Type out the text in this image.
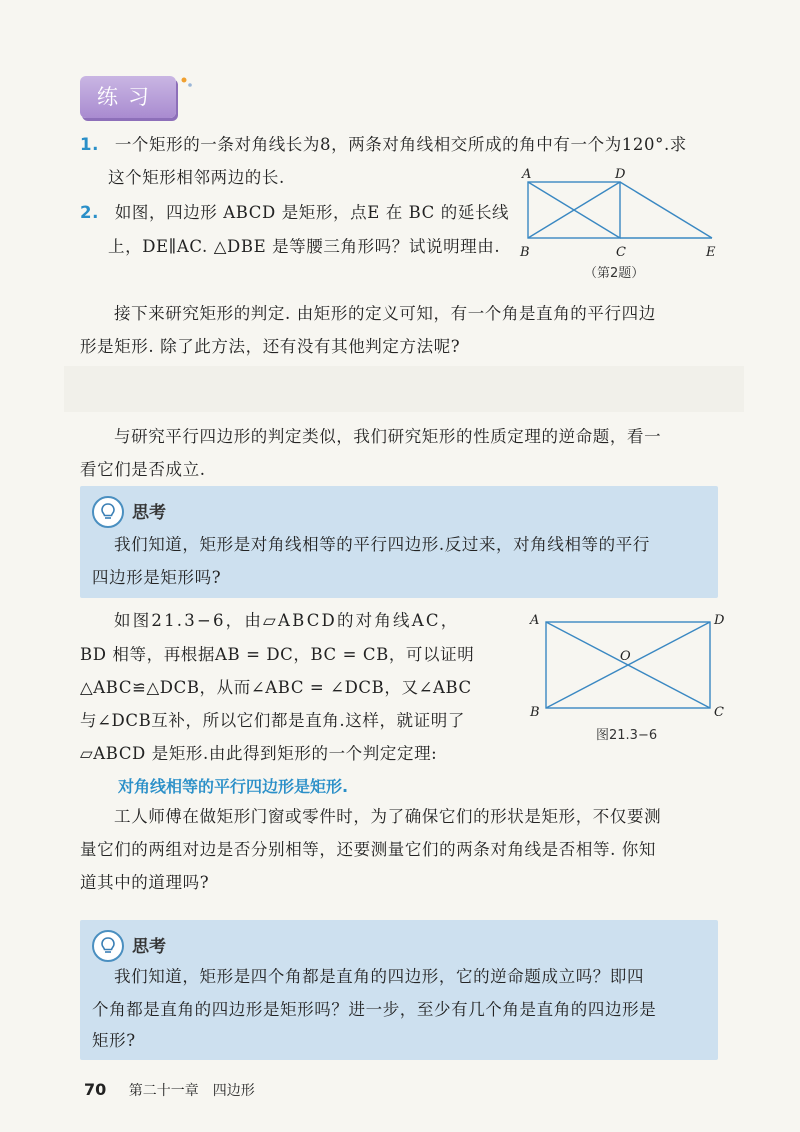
练习
1. 一个矩形的一条对角线长为8，两条对角线相交所成的角中有一个为120°.求
这个矩形相邻两边的长.
2. 如图，四边形 ABCD 是矩形，点E 在 BC 的延长线
上，DE∥AC. △DBE 是等腰三角形吗？试说明理由.
A	D
B	C	E
（第2题）
接下来研究矩形的判定. 由矩形的定义可知，有一个角是直角的平行四边
形是矩形. 除了此方法，还有没有其他判定方法呢?
与研究平行四边形的判定类似，我们研究矩形的性质定理的逆命题，看一
看它们是否成立.
思考
我们知道，矩形是对角线相等的平行四边形.反过来，对角线相等的平行
四边形是矩形吗?
如图21.3−6，由▱ABCD的对角线AC，
BD 相等，再根据AB = DC，BC = CB，可以证明
△ABC≌△DCB，从而∠ABC = ∠DCB，又∠ABC
与∠DCB互补，所以它们都是直角.这样，就证明了
▱ABCD 是矩形.由此得到矩形的一个判定定理:
A	D
O
B	C
图21.3−6
对角线相等的平行四边形是矩形.
工人师傅在做矩形门窗或零件时，为了确保它们的形状是矩形，不仅要测
量它们的两组对边是否分别相等，还要测量它们的两条对角线是否相等. 你知
道其中的道理吗?
思考
我们知道，矩形是四个角都是直角的四边形，它的逆命题成立吗？即四
个角都是直角的四边形是矩形吗？进一步，至少有几个角是直角的四边形是
矩形?
70 第二十一章　四边形
